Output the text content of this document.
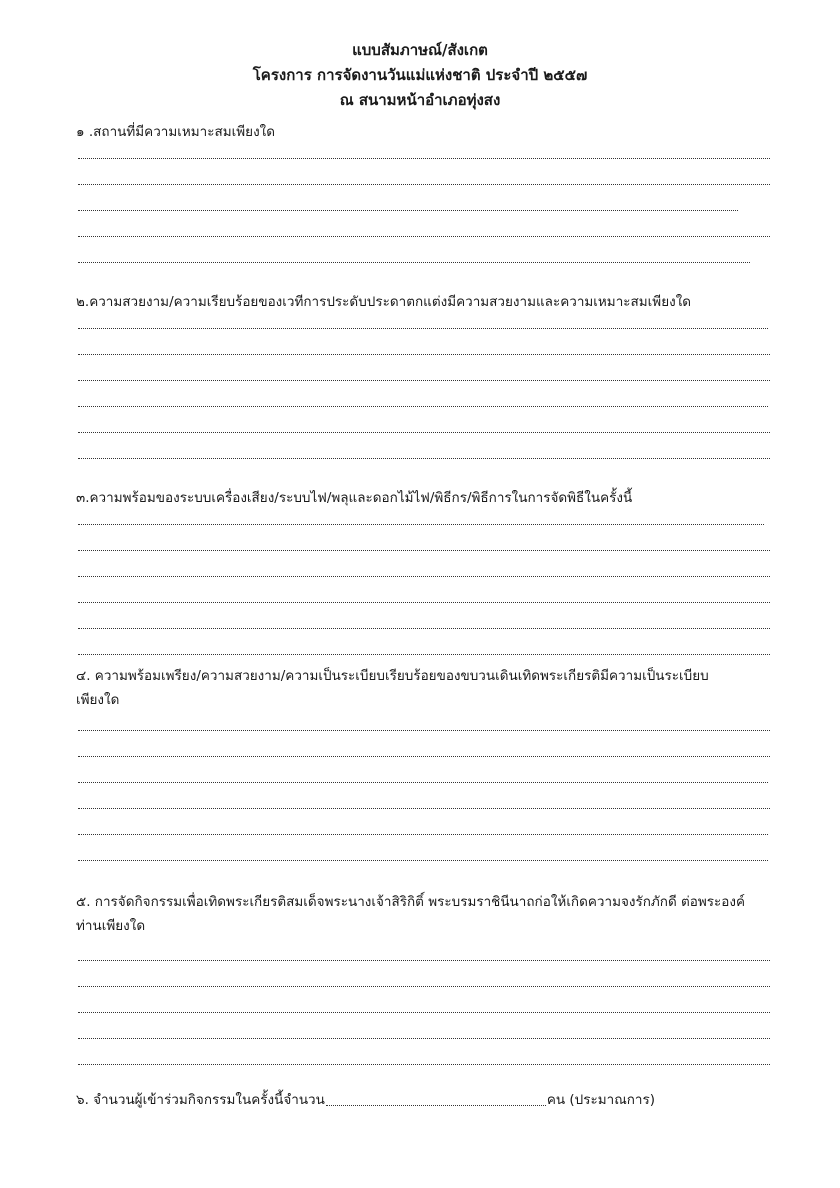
แบบสัมภาษณ์/สังเกต
โครงการ การจัดงานวันแม่แห่งชาติ ประจำปี ๒๕๕๗
ณ สนามหน้าอำเภอทุ่งสง
๑ .สถานที่มีความเหมาะสมเพียงใด
๒.ความสวยงาม/ความเรียบร้อยของเวทีการประดับประดาตกแต่งมีความสวยงามและความเหมาะสมเพียงใด
๓.ความพร้อมของระบบเครื่องเสียง/ระบบไฟ/พลุและดอกไม้ไฟ/พิธีกร/พิธีการในการจัดพิธีในครั้งนี้
๔. ความพร้อมเพรียง/ความสวยงาม/ความเป็นระเบียบเรียบร้อยของขบวนเดินเทิดพระเกียรติมีความเป็นระเบียบ
เพียงใด
๕. การจัดกิจกรรมเพื่อเทิดพระเกียรติสมเด็จพระนางเจ้าสิริกิติ์ พระบรมราชินีนาถก่อให้เกิดความจงรักภักดี ต่อพระองค์
ท่านเพียงใด
๖. จำนวนผู้เข้าร่วมกิจกรรมในครั้งนี้จำนวน	คน (ประมาณการ)
